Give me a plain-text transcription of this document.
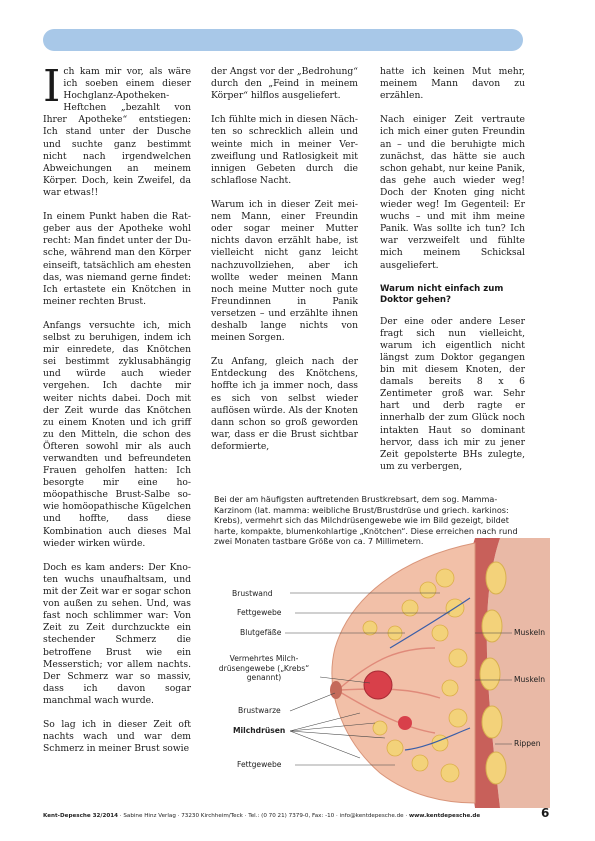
Ich kam mir vor, als wäre ich soeben einem dieser Hochglanz-Apotheken-Heftchen „bezahlt von Ihrer Apotheke“ entstiegen: Ich stand unter der Dusche und suchte ganz bestimmt nicht nach irgendwelchen Abweichungen an meinem Körper. Doch, kein Zweifel, da war etwas!!

In einem Punkt haben die Ratgeber aus der Apotheke wohl recht: Man findet unter der Dusche, während man den Körper einseift, tatsächlich am ehesten das, was niemand gerne findet: Ich ertastete ein Knötchen in meiner rechten Brust.

Anfangs versuchte ich, mich selbst zu beruhigen, indem ich mir einredete, das Knötchen sei bestimmt zyklusabhängig und würde auch wieder vergehen. Ich dachte mir weiter nichts dabei. Doch mit der Zeit wurde das Knötchen zu einem Knoten und ich griff zu den Mitteln, die schon des Öfteren sowohl mir als auch verwandten und befreundeten Frauen geholfen hatten: Ich besorgte mir eine homöopathische Brust-Salbe sowie homöopathische Kügelchen und hoffte, dass diese Kombination auch dieses Mal wieder wirken würde.

Doch es kam anders: Der Knoten wuchs unaufhaltsam, und mit der Zeit war er sogar schon von außen zu sehen. Und, was fast noch schlimmer war: Von Zeit zu Zeit durchzuckte ein stechender Schmerz die betroffene Brust wie ein Messerstich; vor allem nachts. Der Schmerz war so massiv, dass ich davon sogar manchmal wach wurde.

So lag ich in dieser Zeit oft nachts wach und war dem Schmerz in meiner Brust sowie

der Angst vor der „Bedrohung“ durch den „Feind in meinem Körper“ hilflos ausgeliefert.

Ich fühlte mich in diesen Nächten so schrecklich allein und weinte mich in meiner Verzweiflung und Ratlosigkeit mit innigen Gebeten durch die schlaflose Nacht.

Warum ich in dieser Zeit meinem Mann, einer Freundin oder sogar meiner Mutter nichts davon erzählt habe, ist vielleicht nicht ganz leicht nachzuvollziehen, aber ich wollte weder meinen Mann noch meine Mutter noch gute Freundinnen in Panik versetzen – und erzählte ihnen deshalb lange nichts von meinen Sorgen.

Zu Anfang, gleich nach der Entdeckung des Knötchens, hoffte ich ja immer noch, dass es sich von selbst wieder auflösen würde. Als der Knoten dann schon so groß geworden war, dass er die Brust sichtbar deformierte,

hatte ich keinen Mut mehr, meinem Mann davon zu erzählen.

Nach einiger Zeit vertraute ich mich einer guten Freundin an – und die beruhigte mich zunächst, das hätte sie auch schon gehabt, nur keine Panik, das gehe auch wieder weg! Doch der Knoten ging nicht wieder weg! Im Gegenteil: Er wuchs – und mit ihm meine Panik. Was sollte ich tun? Ich war verzweifelt und fühlte mich meinem Schicksal ausgeliefert.

Warum nicht einfach zum Doktor gehen?

Der eine oder andere Leser fragt sich nun vielleicht, warum ich eigentlich nicht längst zum Doktor gegangen bin mit diesem Knoten, der damals bereits 8 x 6 Zentimeter groß war. Sehr hart und derb ragte er innerhalb der zum Glück noch intakten Haut so dominant hervor, dass ich mir zu jener Zeit gepolsterte BHs zulegte, um zu verbergen,

Bei der am häufigsten auftretenden Brustkrebsart, dem sog. Mamma-Karzinom (lat. mamma: weibliche Brust/Brustdrüse und griech. karkinos: Krebs), vermehrt sich das Milchdrüsengewebe wie im Bild gezeigt, bildet harte, kompakte, blumenkohlartige „Knötchen“. Diese erreichen nach rund zwei Monaten tastbare Größe von ca. 7 Millimetern.
Brustwand
Fettgewebe
Blutgefäße
Vermehrtes Milch-drüsengewebe („Krebs“ genannt)
Brustwarze
Milchdrüsen
Fettgewebe
Muskeln
Muskeln
Rippen
Kent-Depesche 32/2014 · Sabine Hinz Verlag · 73230 Kirchheim/Teck · Tel.: (0 70 21) 7379-0, Fax: -10 · info@kentdepesche.de · www.kentdepesche.de	6
